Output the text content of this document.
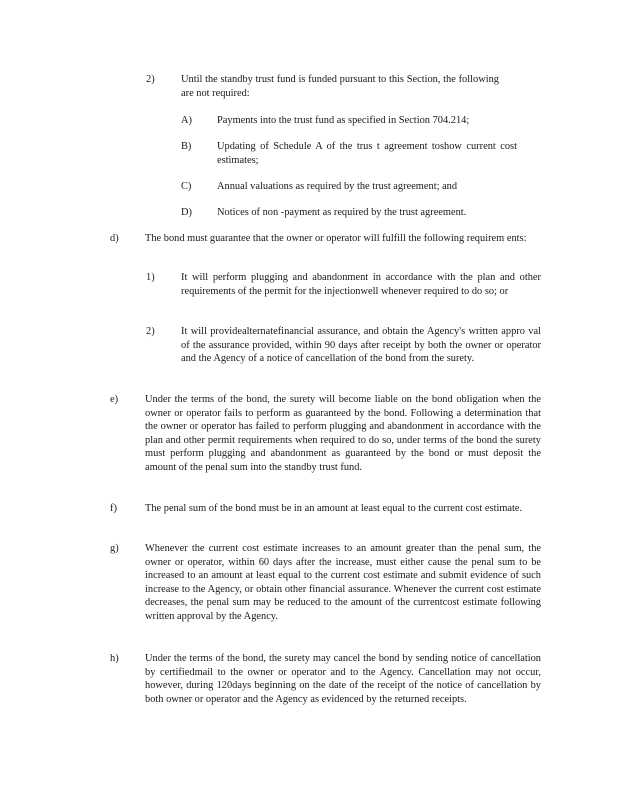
2)	Until the standby trust fund is funded pursuant to this Section, the following are not required:
A) Payments into the trust fund as specified in Section 704.214;
B) Updating of Schedule A of the trus t agreement toshow current cost estimates;
C) Annual valuations as required by the trust agreement; and
D) Notices of non -payment as required by the trust agreement.
d)	The bond must guarantee that the owner or operator will fulfill the following requirem ents:
1)	It will perform plugging and abandonment in accordance with the plan and other requirements of the permit for the injectionwell whenever required to do so; or
2)	It will providealternatefinancial assurance, and obtain the Agency's written appro val of the assurance provided, within 90 days after receipt by both the owner or operator and the Agency of a notice of cancellation of the bond from the surety.
e)	Under the terms of the bond, the surety will become liable on the bond obligation when the owner or operator fails to perform as guaranteed by the bond. Following a determination that the owner or operator has failed to perform plugging and abandonment in accordance with the plan and other permit requirements when required to do so, under terms of the bond the surety must perform plugging and abandonment as guaranteed by the bond or must deposit the amount of the penal sum into the standby trust fund.
f)	The penal sum of the bond must be in an amount at least equal to the current cost estimate.
g)	Whenever the current cost estimate increases to an amount greater than the penal sum, the owner or operator, within 60 days after the increase, must either cause the penal sum to be increased to an amount at least equal to the current cost estimate and submit evidence of such increase to the Agency, or obtain other financial assurance. Whenever the current cost estimate decreases, the penal sum may be reduced to the amount of the currentcost estimate following written approval by the Agency.
h)	Under the terms of the bond, the surety may cancel the bond by sending notice of cancellation by certifiedmail to the owner or operator and to the Agency. Cancellation may not occur, however, during 120days beginning on the date of the receipt of the notice of cancellation by both owner or operator and the Agency as evidenced by the returned receipts.
